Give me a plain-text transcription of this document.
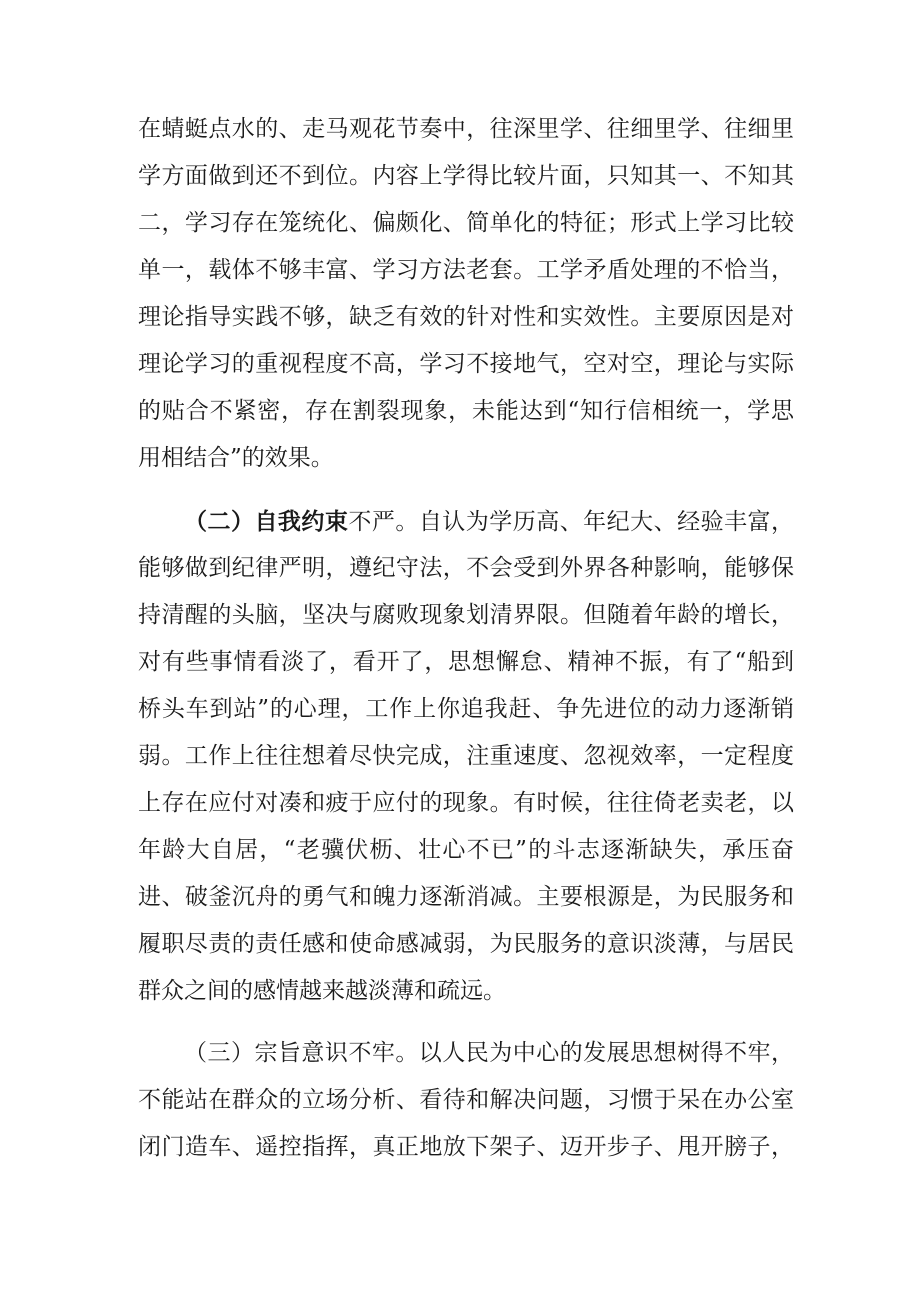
在蜻蜓点水的、走马观花节奏中，往深里学、往细里学、往细里
学方面做到还不到位。内容上学得比较片面，只知其一、不知其
二，学习存在笼统化、偏颇化、简单化的特征；形式上学习比较
单一，载体不够丰富、学习方法老套。工学矛盾处理的不恰当，
理论指导实践不够，缺乏有效的针对性和实效性。主要原因是对
理论学习的重视程度不高，学习不接地气，空对空，理论与实际
的贴合不紧密，存在割裂现象，未能达到“知行信相统一，学思
用相结合”的效果。
（二）自我约束不严。自认为学历高、年纪大、经验丰富，
能够做到纪律严明，遵纪守法，不会受到外界各种影响，能够保
持清醒的头脑，坚决与腐败现象划清界限。但随着年龄的增长，
对有些事情看淡了，看开了，思想懈怠、精神不振，有了“船到
桥头车到站”的心理，工作上你追我赶、争先进位的动力逐渐销
弱。工作上往往想着尽快完成，注重速度、忽视效率，一定程度
上存在应付对凑和疲于应付的现象。有时候，往往倚老卖老，以
年龄大自居，“老骥伏枥、壮心不已”的斗志逐渐缺失，承压奋
进、破釜沉舟的勇气和魄力逐渐消减。主要根源是，为民服务和
履职尽责的责任感和使命感减弱，为民服务的意识淡薄，与居民
群众之间的感情越来越淡薄和疏远。
（三）宗旨意识不牢。以人民为中心的发展思想树得不牢，
不能站在群众的立场分析、看待和解决问题，习惯于呆在办公室
闭门造车、遥控指挥，真正地放下架子、迈开步子、甩开膀子，
